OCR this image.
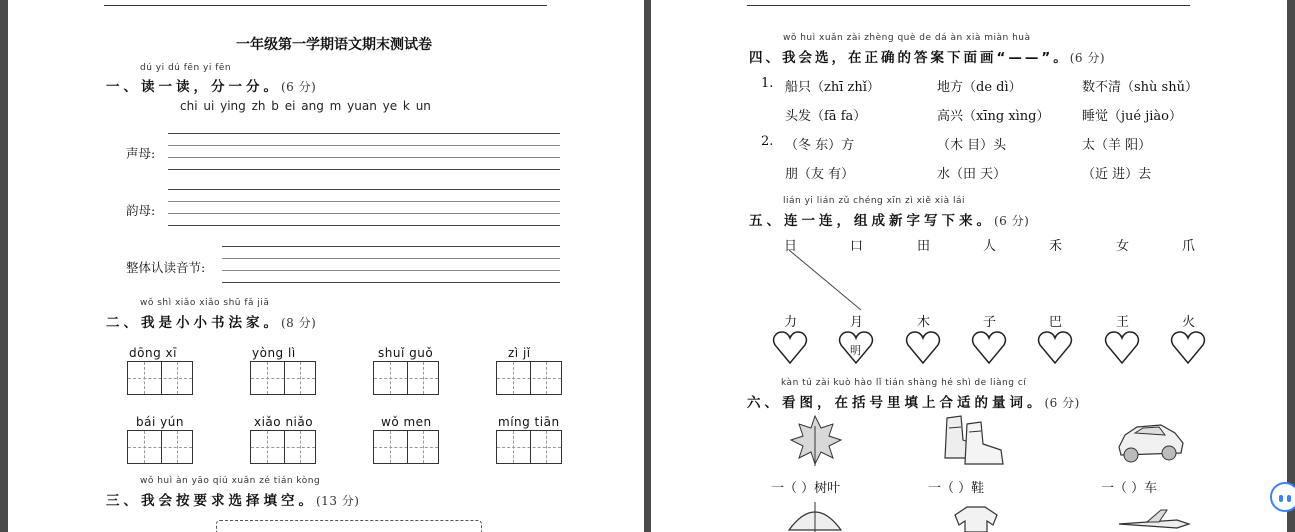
一年级第一学期语文期末测试卷
dú yi dú fēn yi fēn
一、读一读，分一分。(6 分)
chi ui ying zh b ei ang m yuan ye k un
声母:
韵母:
整体认读音节:
wǒ shì xiǎo xiǎo shū fǎ jiā
二、我是小小书法家。(8 分)
dōng xī	yòng lì	shuǐ guǒ	zì jǐ
bái yún	xiǎo niǎo	wǒ men	míng tiān
wǒ huì àn yāo qiú xuǎn zé tián kòng
三、我会按要求选择填空。(13 分)
wǒ huì xuǎn zài zhèng què de dá àn xià miàn huà
四、我会选，在正确的答案下面画“——”。(6 分)
1. 船只（zhī zhǐ）	地方（de dì）	数不清（shù shǔ）
头发（fā fa）	高兴（xīng xìng）	睡觉（jué jiào）
2. （冬 东）方	（木 目）头	太（羊 阳）
朋（友 有）	水（田 天）	（近 进）去
lián yi lián zǔ chéng xīn zì xiě xià lái
五、连一连，组成新字写下来。(6 分)
日	口	田	人	禾	女	爪
力	月	木	子	巴	王	火
明
kàn tú zài kuò hào lǐ tián shàng hé shì de liàng cí
六、看图，在括号里填上合适的量词。(6 分)
一（ ）树叶	一（ ）鞋	一（ ）车
